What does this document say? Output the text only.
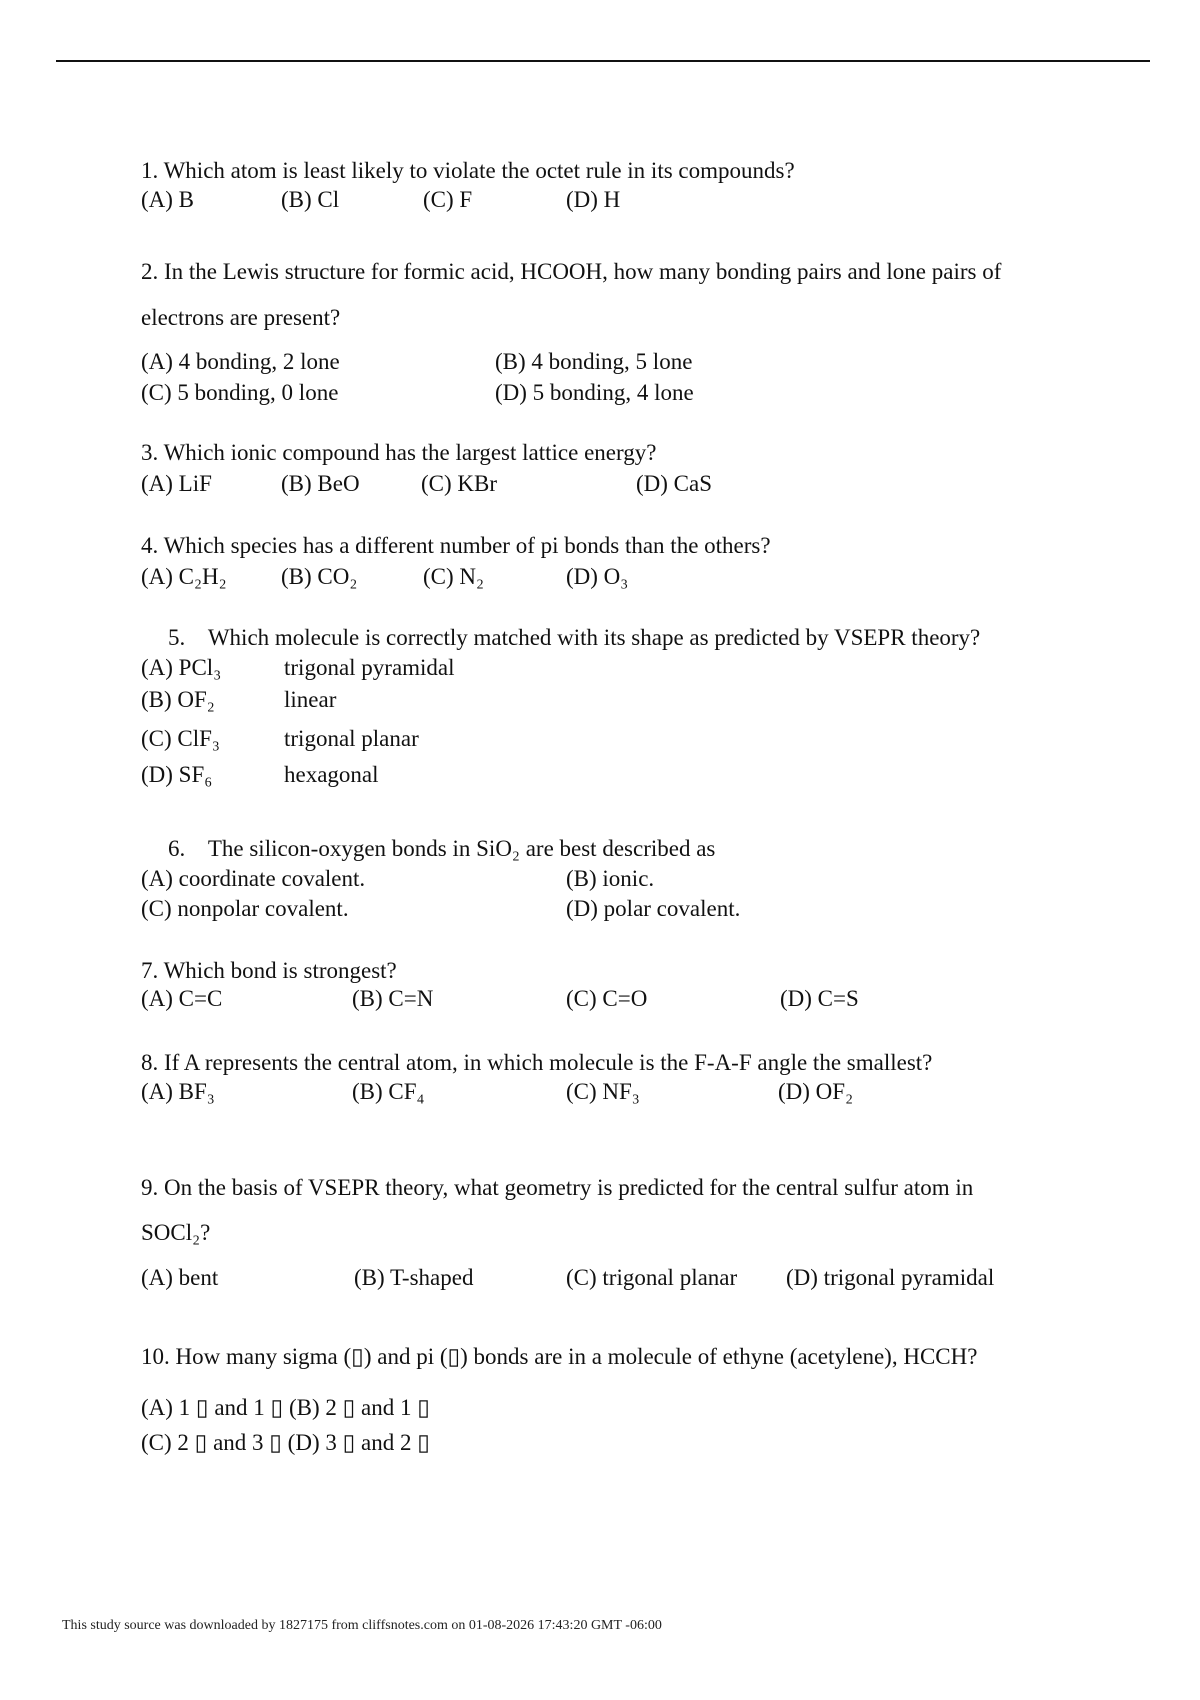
1. Which atom is least likely to violate the octet rule in its compounds?
(A) B	(B) Cl	(C) F	(D) H
2. In the Lewis structure for formic acid, HCOOH, how many bonding pairs and lone pairs of
electrons are present?
(A) 4 bonding, 2 lone	(B) 4 bonding, 5 lone
(C) 5 bonding, 0 lone	(D) 5 bonding, 4 lone
3. Which ionic compound has the largest lattice energy?
(A) LiF	(B) BeO	(C) KBr	(D) CaS
4. Which species has a different number of pi bonds than the others?
(A) C₂H₂ (B) CO₂	(C) N₂	(D) O₃
5. Which molecule is correctly matched with its shape as predicted by VSEPR theory?
(A) PCl₃	trigonal pyramidal
(B) OF₂	linear
(C) ClF₃	trigonal planar
(D) SF₆	hexagonal
6. The silicon-oxygen bonds in SiO₂ are best described as
(A) coordinate covalent.	(B) ionic.
(C) nonpolar covalent.	(D) polar covalent.
7. Which bond is strongest?
(A) C=C	(B) C=N	(C) C=O	(D) C=S
8. If A represents the central atom, in which molecule is the F-A-F angle the smallest?
(A) BF₃	(B) CF₄	(C) NF₃	(D) OF₂
9. On the basis of VSEPR theory, what geometry is predicted for the central sulfur atom in
SOCl₂?
(A) bent	(B) T-shaped	(C) trigonal planar (D) trigonal pyramidal
10. How many sigma (▯) and pi (▯) bonds are in a molecule of ethyne (acetylene), HCCH?
(A) 1 ▯ and 1 ▯ (B) 2 ▯ and 1 ▯
(C) 2 ▯ and 3 ▯ (D) 3 ▯ and 2 ▯
This study source was downloaded by 1827175 from cliffsnotes.com on 01-08-2026 17:43:20 GMT -06:00
